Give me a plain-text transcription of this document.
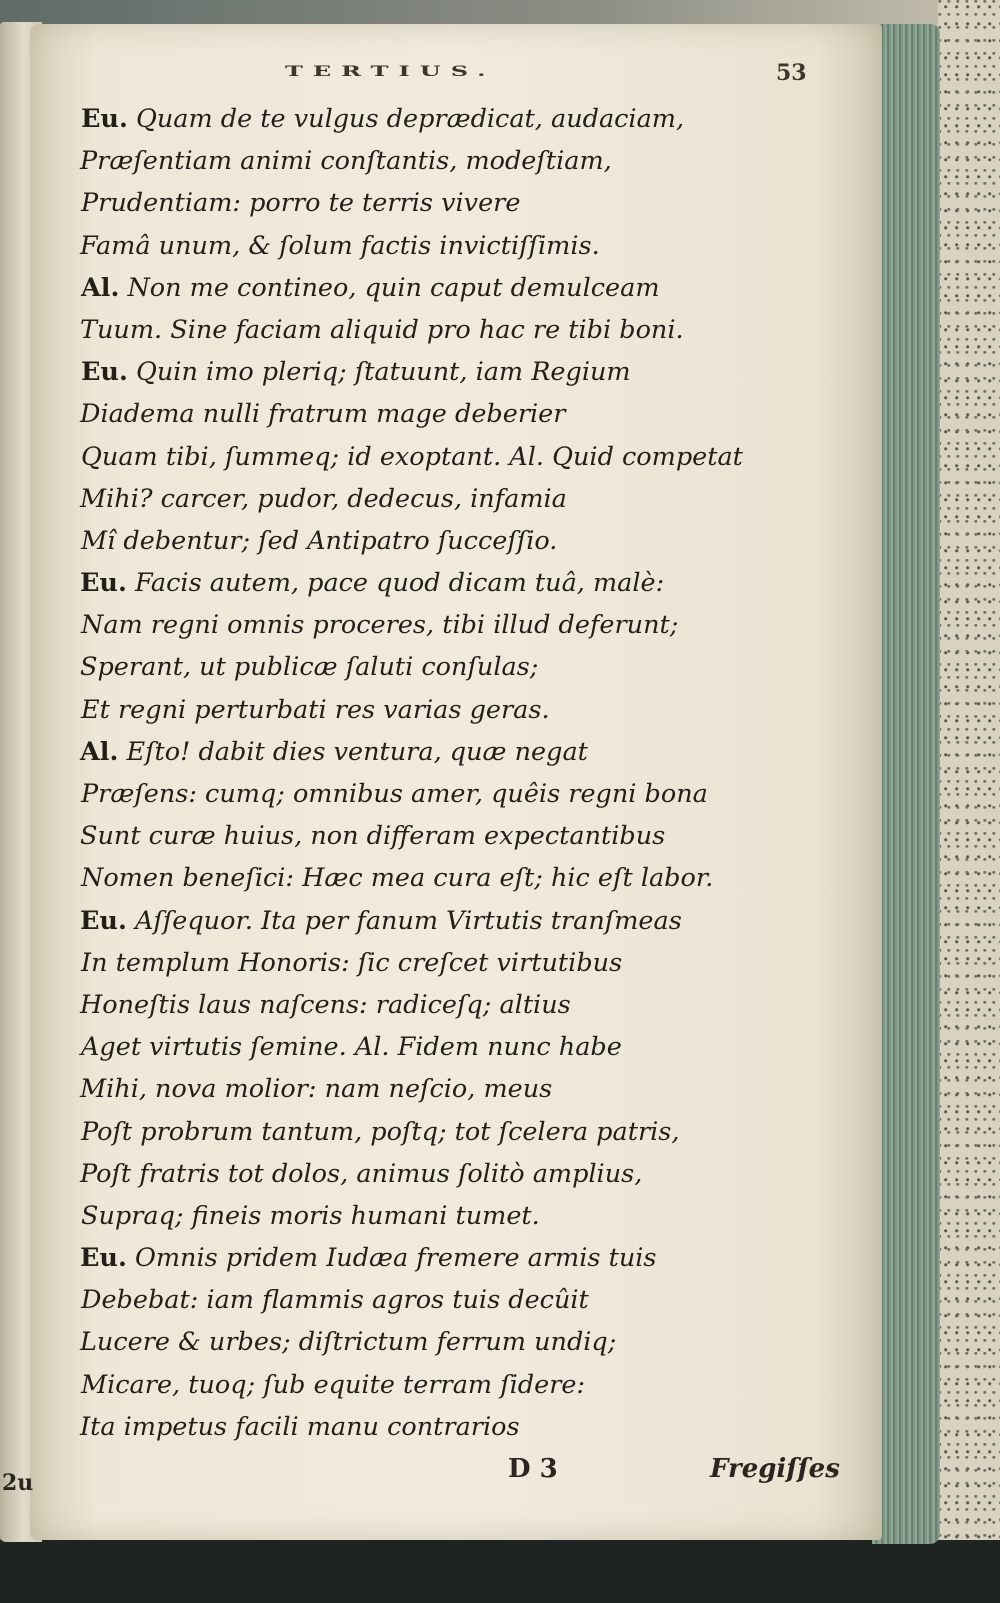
TERTIUS.	53
Eu. Quam de te vulgus deprædicat, audaciam,
Præſentiam animi conſtantis, modeſtiam,
Prudentiam: porro te terris vivere
Famâ unum, & ſolum factis invictiſſimis.
Al. Non me contineo, quin caput demulceam
Tuum. Sine faciam aliquid pro hac re tibi boni.
Eu. Quin imo pleriq; ſtatuunt, iam Regium
Diadema nulli fratrum mage deberier
Quam tibi, ſummeq; id exoptant. Al. Quid competat
Mihi? carcer, pudor, dedecus, infamia
Mî debentur; ſed Antipatro ſucceſſio.
Eu. Facis autem, pace quod dicam tuâ, malè:
Nam regni omnis proceres, tibi illud deferunt;
Sperant, ut publicæ ſaluti conſulas;
Et regni perturbati res varias geras.
Al. Eſto! dabit dies ventura, quæ negat
Præſens: cumq; omnibus amer, quêis regni bona
Sunt curæ huius, non differam expectantibus
Nomen beneſici: Hæc mea cura eſt; hic eſt labor.
Eu. Aſſequor. Ita per fanum Virtutis tranſmeas
In templum Honoris: ſic creſcet virtutibus
Honeſtis laus naſcens: radiceſq; altius
Aget virtutis ſemine. Al. Fidem nunc habe
Mihi, nova molior: nam neſcio, meus
Poſt probrum tantum, poſtq; tot ſcelera patris,
Poſt fratris tot dolos, animus ſolitò amplius,
Supraq; fineis moris humani tumet.
Eu. Omnis pridem Iudæa fremere armis tuis
Debebat: iam flammis agros tuis decûit
Lucere & urbes; diſtrictum ferrum undiq;
Micare, tuoq; ſub equite terram ſidere:
Ita impetus facili manu contrarios
D 3	Fregiſſes
2u
